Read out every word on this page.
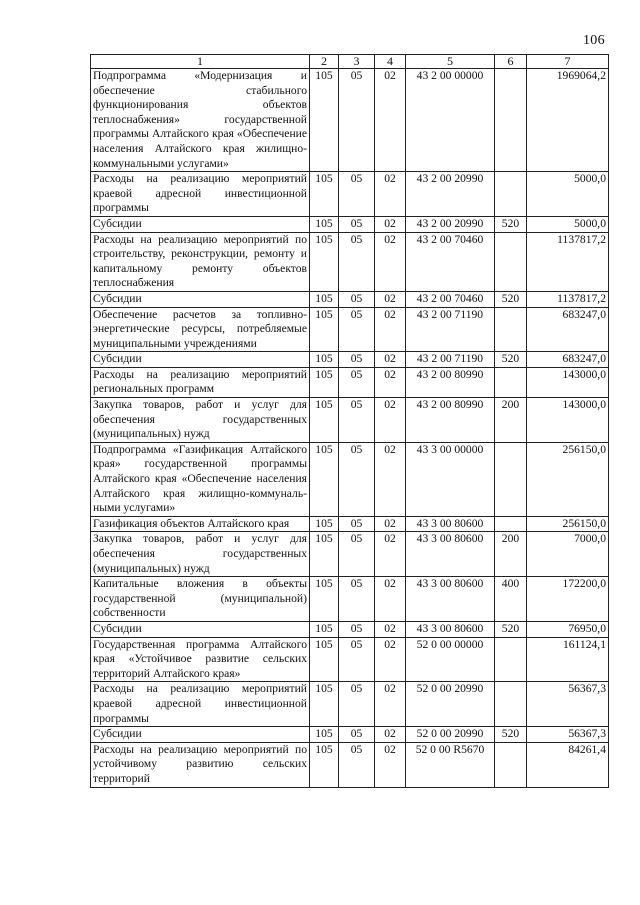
106
1	2	3	4	5	6	7
Подпрограмма «Модернизация и обеспечение стабильного функционирования объектов теплоснабжения» государственной программы Алтайского края «Обеспечение населения Алтайского края жилищно-коммунальными услугами»	105	05	02	43 2 00 00000		1969064,2
Расходы на реализацию мероприятий краевой адресной инвестиционной программы	105	05	02	43 2 00 20990		5000,0
Субсидии	105	05	02	43 2 00 20990	520	5000,0
Расходы на реализацию мероприятий по строительству, реконструкции, ремонту и капитальному ремонту объектов теплоснабжения	105	05	02	43 2 00 70460		1137817,2
Субсидии	105	05	02	43 2 00 70460	520	1137817,2
Обеспечение расчетов за топливно-энергетические ресурсы, потребляемые муниципальными учреждениями	105	05	02	43 2 00 71190		683247,0
Субсидии	105	05	02	43 2 00 71190	520	683247,0
Расходы на реализацию мероприятий региональных программ	105	05	02	43 2 00 80990		143000,0
Закупка товаров, работ и услуг для обеспечения государственных (муниципальных) нужд	105	05	02	43 2 00 80990	200	143000,0
Подпрограмма «Газификация Алтайского края» государственной программы Алтайского края «Обеспечение населения Алтайского края жилищно-коммуналь-ными услугами»	105	05	02	43 3 00 00000		256150,0
Газификация объектов Алтайского края	105	05	02	43 3 00 80600		256150,0
Закупка товаров, работ и услуг для обеспечения государственных (муниципальных) нужд	105	05	02	43 3 00 80600	200	7000,0
Капитальные вложения в объекты государственной (муниципальной) собственности	105	05	02	43 3 00 80600	400	172200,0
Субсидии	105	05	02	43 3 00 80600	520	76950,0
Государственная программа Алтайского края «Устойчивое развитие сельских территорий Алтайского края»	105	05	02	52 0 00 00000		161124,1
Расходы на реализацию мероприятий краевой адресной инвестиционной программы	105	05	02	52 0 00 20990		56367,3
Субсидии	105	05	02	52 0 00 20990	520	56367,3
Расходы на реализацию мероприятий по устойчивому развитию сельских территорий	105	05	02	52 0 00 R5670		84261,4
